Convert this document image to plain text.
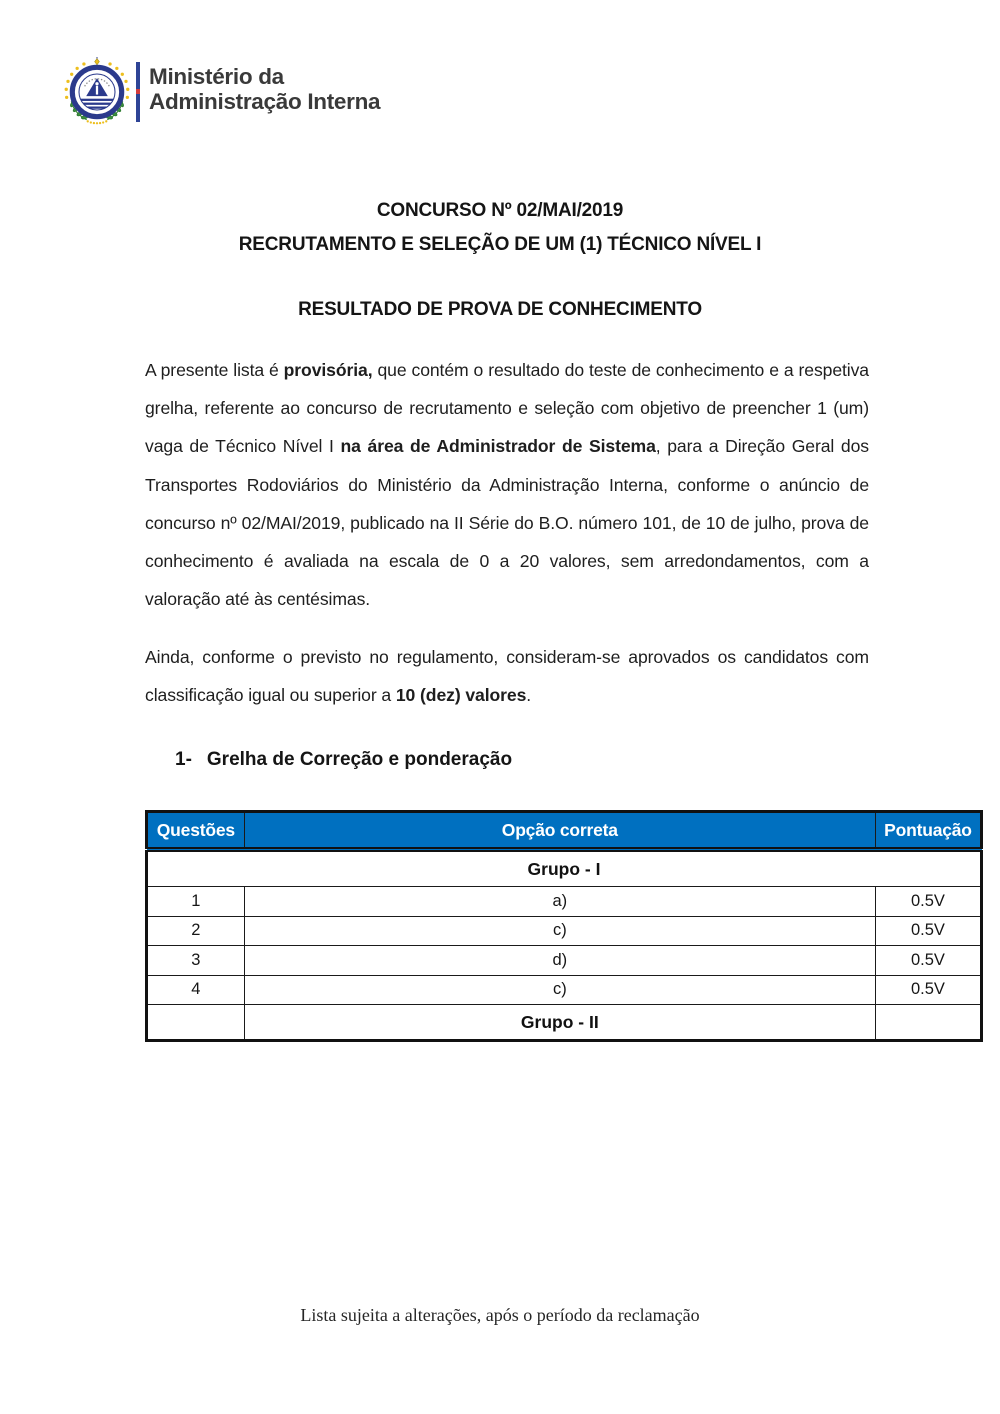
Ministério da
Administração Interna
CONCURSO Nº 02/MAI/2019
RECRUTAMENTO E SELEÇÃO DE UM (1) TÉCNICO NÍVEL I
RESULTADO DE PROVA DE CONHECIMENTO

A presente lista é provisória, que contém o resultado do teste de conhecimento e a respetiva grelha, referente ao concurso de recrutamento e seleção com objetivo de preencher 1 (um) vaga de Técnico Nível I na área de Administrador de Sistema, para a Direção Geral dos Transportes Rodoviários do Ministério da Administração Interna, conforme o anúncio de concurso nº 02/MAI/2019, publicado na II Série do B.O. número 101, de 10 de julho, prova de conhecimento é avaliada na escala de 0 a 20 valores, sem arredondamentos, com a valoração até às centésimas.

Ainda, conforme o previsto no regulamento, consideram-se aprovados os candidatos com classificação igual ou superior a 10 (dez) valores.

1- Grelha de Correção e ponderação
Questões	Opção correta	Pontuação
Grupo - I		
1	a)	0.5V
2	c)	0.5V
3	d)	0.5V
4	c)	0.5V
	Grupo - II	
Lista sujeita a alterações, após o período da reclamação
